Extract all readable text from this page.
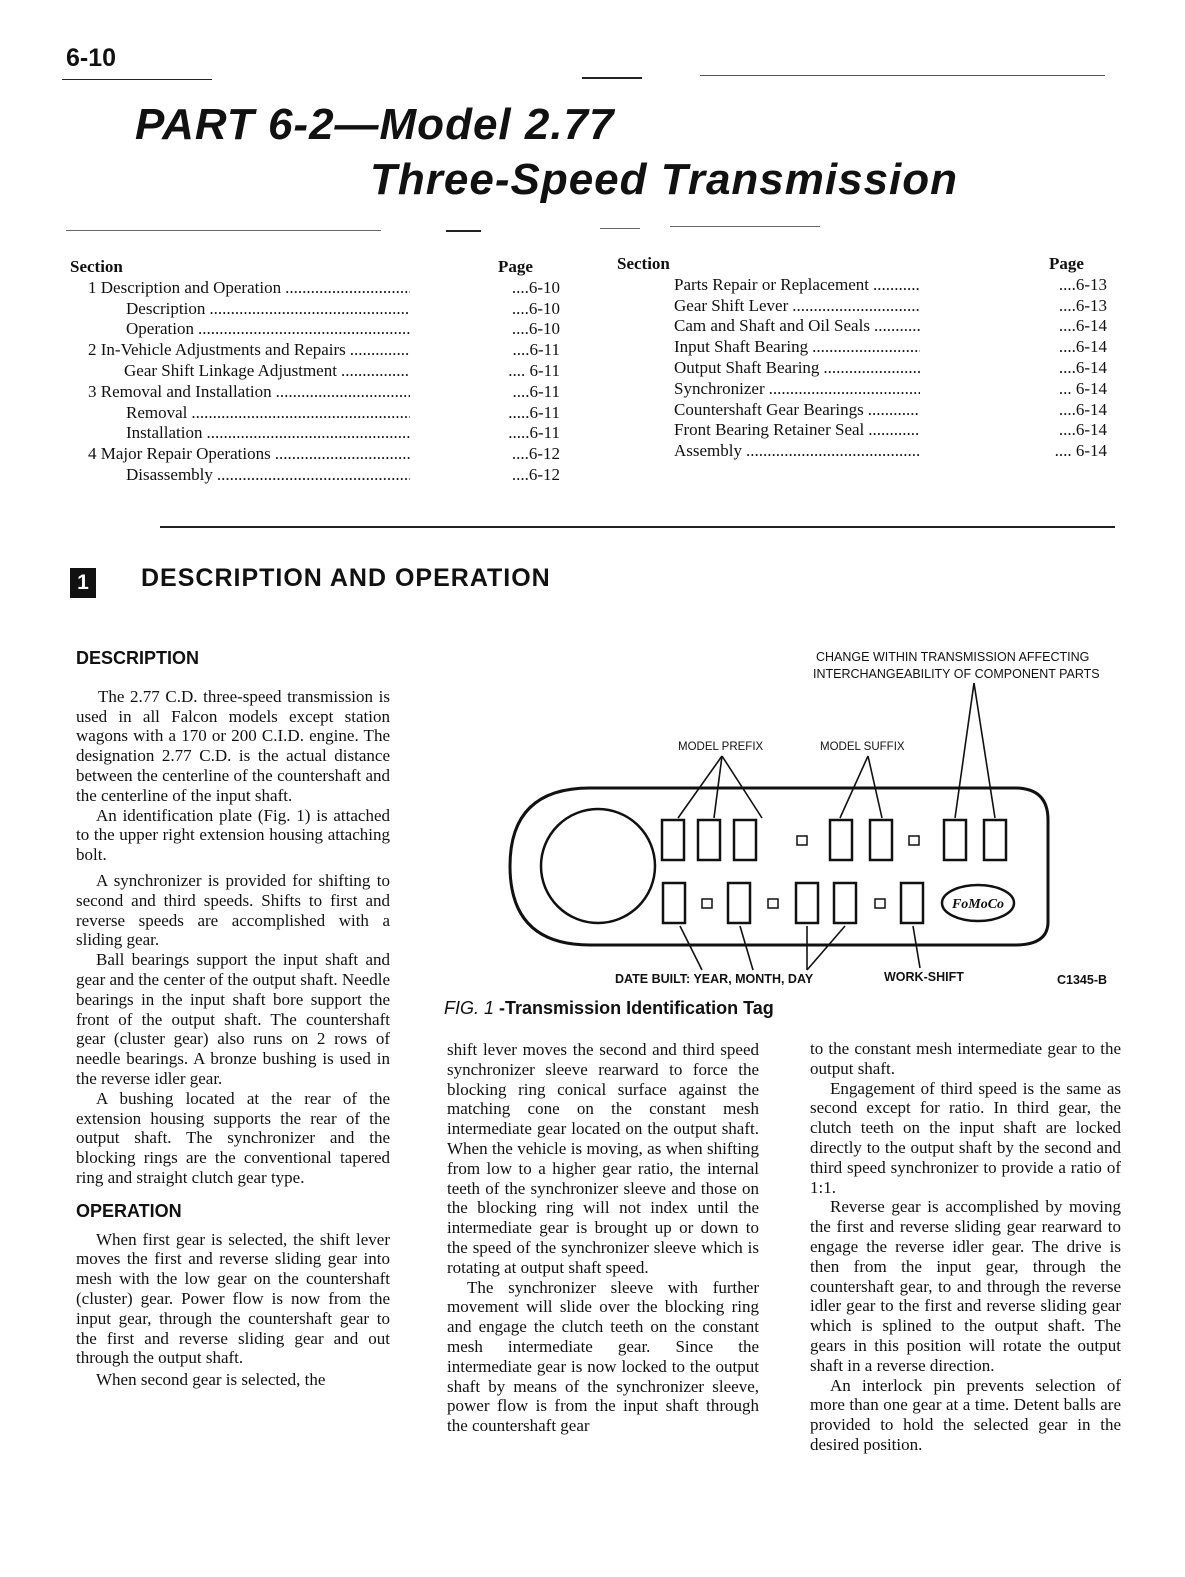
6-10
PART 6-2—Model 2.77
Three-Speed Transmission
Section	Page
1 Description and Operation .....	....6-10
Description .....	....6-10
Operation .....	....6-10
2 In-Vehicle Adjustments and Repairs .....	....6-11
Gear Shift Linkage Adjustment .....	.... 6-11
3 Removal and Installation .....	....6-11
Removal .....	.....6-11
Installation .....	.....6-11
4 Major Repair Operations .....	....6-12
Disassembly .....	....6-12
Section	Page
Parts Repair or Replacement .....	....6-13
Gear Shift Lever .....	....6-13
Cam and Shaft and Oil Seals .....	....6-14
Input Shaft Bearing .....	....6-14
Output Shaft Bearing .....	....6-14
Synchronizer .....	... 6-14
Countershaft Gear Bearings .....	....6-14
Front Bearing Retainer Seal .....	....6-14
Assembly .....	.... 6-14
1 DESCRIPTION AND OPERATION
DESCRIPTION

The 2.77 C.D. three-speed transmission is used in all Falcon models except station wagons with a 170 or 200 C.I.D. engine. The designation 2.77 C.D. is the actual distance between the centerline of the countershaft and the centerline of the input shaft.

An identification plate (Fig. 1) is attached to the upper right extension housing attaching bolt.

A synchronizer is provided for shifting to second and third speeds. Shifts to first and reverse speeds are accomplished with a sliding gear.

Ball bearings support the input shaft and gear and the center of the output shaft. Needle bearings in the input shaft bore support the front of the output shaft. The countershaft gear (cluster gear) also runs on 2 rows of needle bearings. A bronze bushing is used in the reverse idler gear.

A bushing located at the rear of the extension housing supports the rear of the output shaft. The synchronizer and the blocking rings are the conventional tapered ring and straight clutch gear type.

OPERATION

When first gear is selected, the shift lever moves the first and reverse sliding gear into mesh with the low gear on the countershaft (cluster) gear. Power flow is now from the input gear, through the countershaft gear to the first and reverse sliding gear and out through the output shaft.

When second gear is selected, the

shift lever moves the second and third speed synchronizer sleeve rearward to force the blocking ring conical surface against the matching cone on the constant mesh intermediate gear located on the output shaft. When the vehicle is moving, as when shifting from low to a higher gear ratio, the internal teeth of the synchronizer sleeve and those on the blocking ring will not index until the intermediate gear is brought up or down to the speed of the synchronizer sleeve which is rotating at output shaft speed.

The synchronizer sleeve with further movement will slide over the blocking ring and engage the clutch teeth on the constant mesh intermediate gear. Since the intermediate gear is now locked to the output shaft by means of the synchronizer sleeve, power flow is from the input shaft through the countershaft gear

to the constant mesh intermediate gear to the output shaft.

Engagement of third speed is the same as second except for ratio. In third gear, the clutch teeth on the input shaft are locked directly to the output shaft by the second and third speed synchronizer to provide a ratio of 1:1.

Reverse gear is accomplished by moving the first and reverse sliding gear rearward to engage the reverse idler gear. The drive is then from the input gear, through the countershaft gear, to and through the reverse idler gear to the first and reverse sliding gear which is splined to the output shaft. The gears in this position will rotate the output shaft in a reverse direction.

An interlock pin prevents selection of more than one gear at a time. Detent balls are provided to hold the selected gear in the desired position.

CHANGE WITHIN TRANSMISSION AFFECTING
INTERCHANGEABILITY OF COMPONENT PARTS
MODEL PREFIX	MODEL SUFFIX
DATE BUILT: YEAR, MONTH, DAY	WORK-SHIFT	C1345-B
FoMoCo
FIG. 1 -Transmission Identification Tag
